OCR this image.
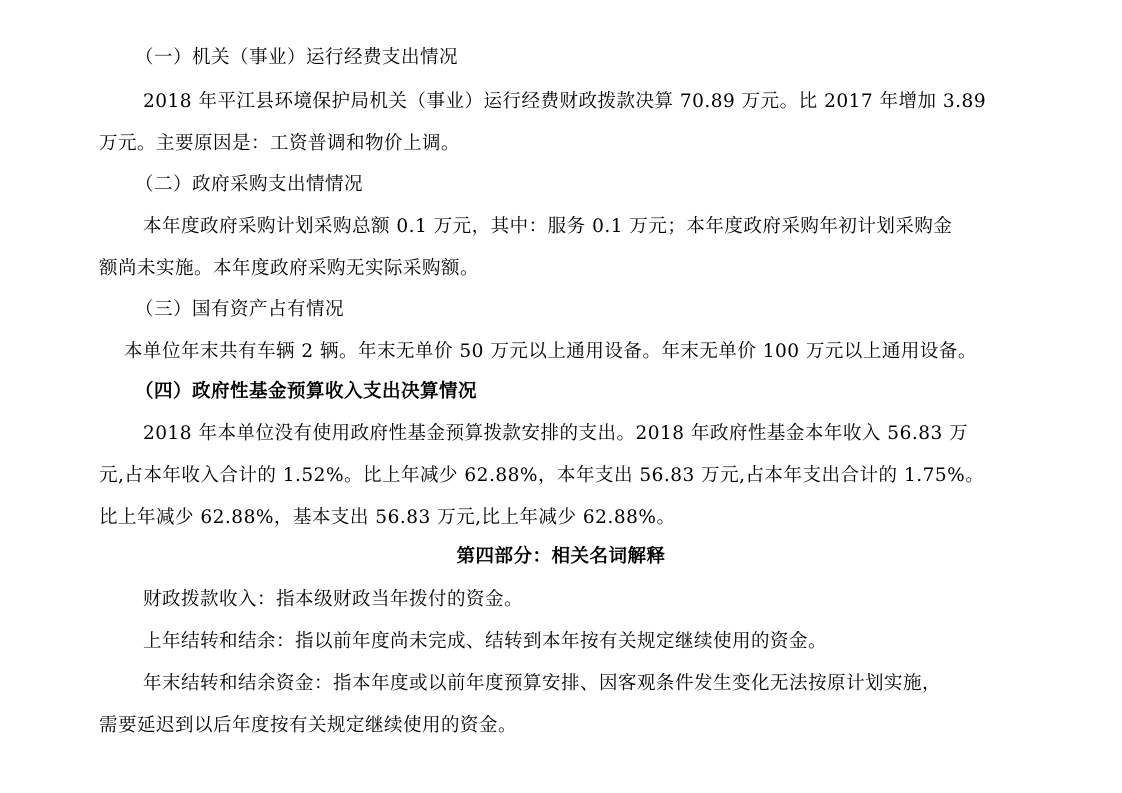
（一）机关（事业）运行经费支出情况
2018 年平江县环境保护局机关（事业）运行经费财政拨款决算 70.89 万元。比 2017 年增加 3.89
万元。主要原因是：工资普调和物价上调。
（二）政府采购支出情情况
本年度政府采购计划采购总额 0.1 万元，其中：服务 0.1 万元；本年度政府采购年初计划采购金
额尚未实施。本年度政府采购无实际采购额。
（三）国有资产占有情况
本单位年末共有车辆 2 辆。年末无单价 50 万元以上通用设备。年末无单价 100 万元以上通用设备。
（四）政府性基金预算收入支出决算情况
2018 年本单位没有使用政府性基金预算拨款安排的支出。2018 年政府性基金本年收入 56.83 万
元,占本年收入合计的 1.52%。比上年减少 62.88%，本年支出 56.83 万元,占本年支出合计的 1.75%。
比上年减少 62.88%，基本支出 56.83 万元,比上年减少 62.88%。
第四部分：相关名词解释
财政拨款收入：指本级财政当年拨付的资金。
上年结转和结余：指以前年度尚未完成、结转到本年按有关规定继续使用的资金。
年末结转和结余资金：指本年度或以前年度预算安排、因客观条件发生变化无法按原计划实施，
需要延迟到以后年度按有关规定继续使用的资金。
